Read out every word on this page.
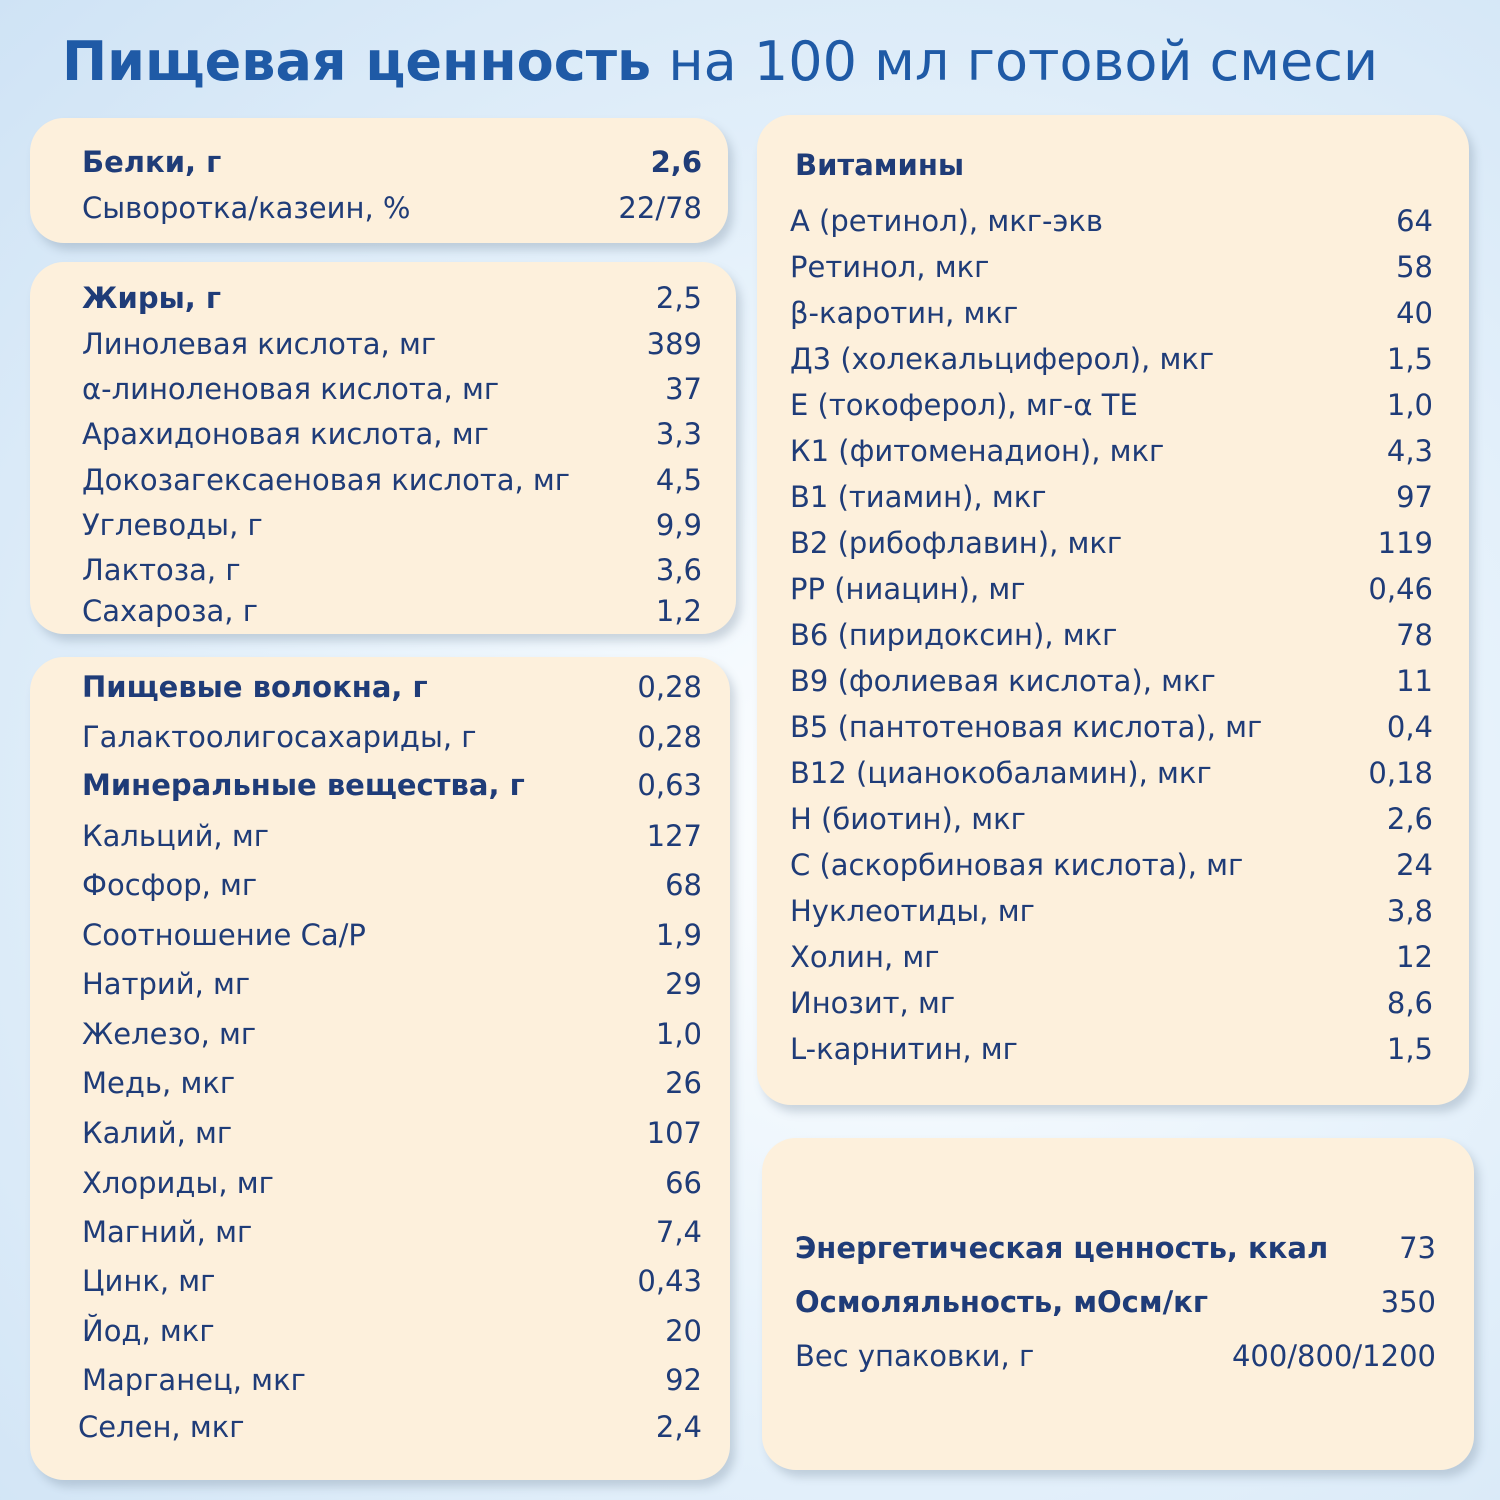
Пищевая ценность на 100 мл готовой смеси
Белки, г	2,6
Сыворотка/казеин, %	22/78
Жиры, г	2,5
Линолевая кислота, мг	389
α-линоленовая кислота, мг	37
Арахидоновая кислота, мг	3,3
Докозагексаеновая кислота, мг	4,5
Углеводы, г	9,9
Лактоза, г	3,6
Сахароза, г	1,2
Пищевые волокна, г	0,28
Галактоолигосахариды, г	0,28
Минеральные вещества, г	0,63
Кальций, мг	127
Фосфор, мг	68
Соотношение Ca/P	1,9
Натрий, мг	29
Железо, мг	1,0
Медь, мкг	26
Калий, мг	107
Хлориды, мг	66
Магний, мг	7,4
Цинк, мг	0,43
Йод, мкг	20
Марганец, мкг	92
Селен, мкг	2,4
Витамины
А (ретинол), мкг-экв	64
Ретинол, мкг	58
β-каротин, мкг	40
Д3 (холекальциферол), мкг	1,5
Е (токоферол), мг-α ТЕ	1,0
К1 (фитоменадион), мкг	4,3
В1 (тиамин), мкг	97
В2 (рибофлавин), мкг	119
РР (ниацин), мг	0,46
В6 (пиридоксин), мкг	78
В9 (фолиевая кислота), мкг	11
В5 (пантотеновая кислота), мг	0,4
В12 (цианокобаламин), мкг	0,18
Н (биотин), мкг	2,6
С (аскорбиновая кислота), мг	24
Нуклеотиды, мг	3,8
Холин, мг	12
Инозит, мг	8,6
L-карнитин, мг	1,5
Энергетическая ценность, ккал 73
Осмоляльность, мОсм/кг	350
Вес упаковки, г	400/800/1200
